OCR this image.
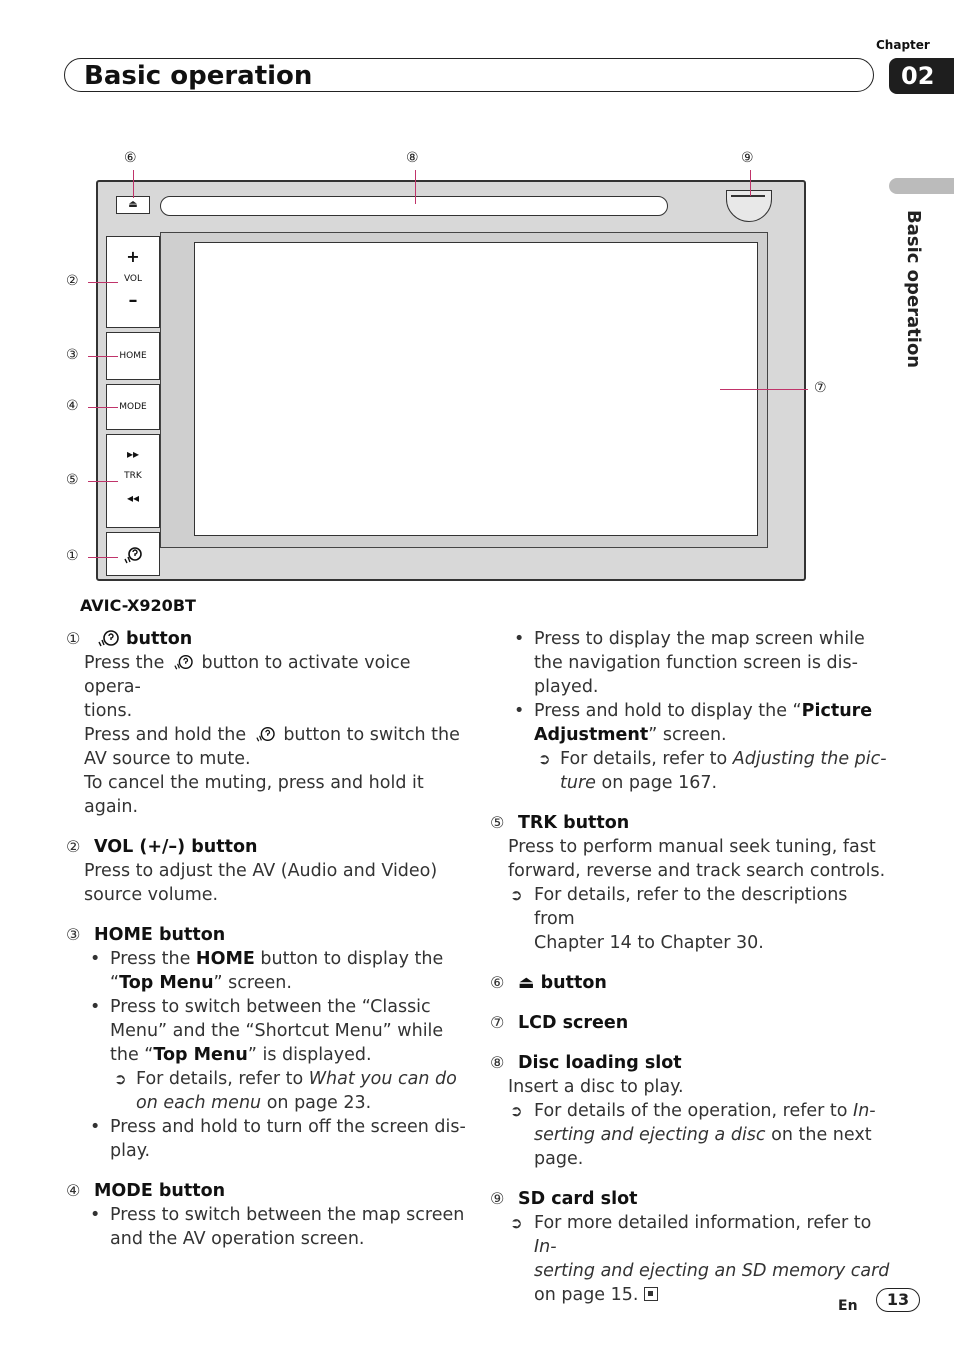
Basic operation
Chapter
02
Basic operation
⏏
+
VOL
–
HOME
MODE
▸▸
TRK
◂◂
⑥	⑧	⑨
②
③
④
⑤
①
⑦
AVIC-X920BT
①	button
Press the button to activate voice opera-
tions.
Press and hold the button to switch the
AV source to mute.
To cancel the muting, press and hold it
again.
② VOL (+/–) button
Press to adjust the AV (Audio and Video)
source volume.
③ HOME button
• Press the HOME button to display the
“Top Menu” screen.
• Press to switch between the “Classic
Menu” and the “Shortcut Menu” while
the “Top Menu” is displayed.
➲ For details, refer to What you can do
on each menu on page 23.
• Press and hold to turn off the screen dis-
play.
④ MODE button
• Press to switch between the map screen
and the AV operation screen.
• Press to display the map screen while
the navigation function screen is dis-
played.
• Press and hold to display the “Picture
Adjustment” screen.
➲ For details, refer to Adjusting the pic-
ture on page 167.
⑤ TRK button
Press to perform manual seek tuning, fast
forward, reverse and track search controls.
➲ For details, refer to the descriptions from
Chapter 14 to Chapter 30.
⑥ ⏏ button
⑦ LCD screen
⑧ Disc loading slot
Insert a disc to play.
➲ For details of the operation, refer to In-
serting and ejecting a disc on the next
page.
⑨ SD card slot
➲ For more detailed information, refer to In-
serting and ejecting an SD memory card
on page 15.
En	13
